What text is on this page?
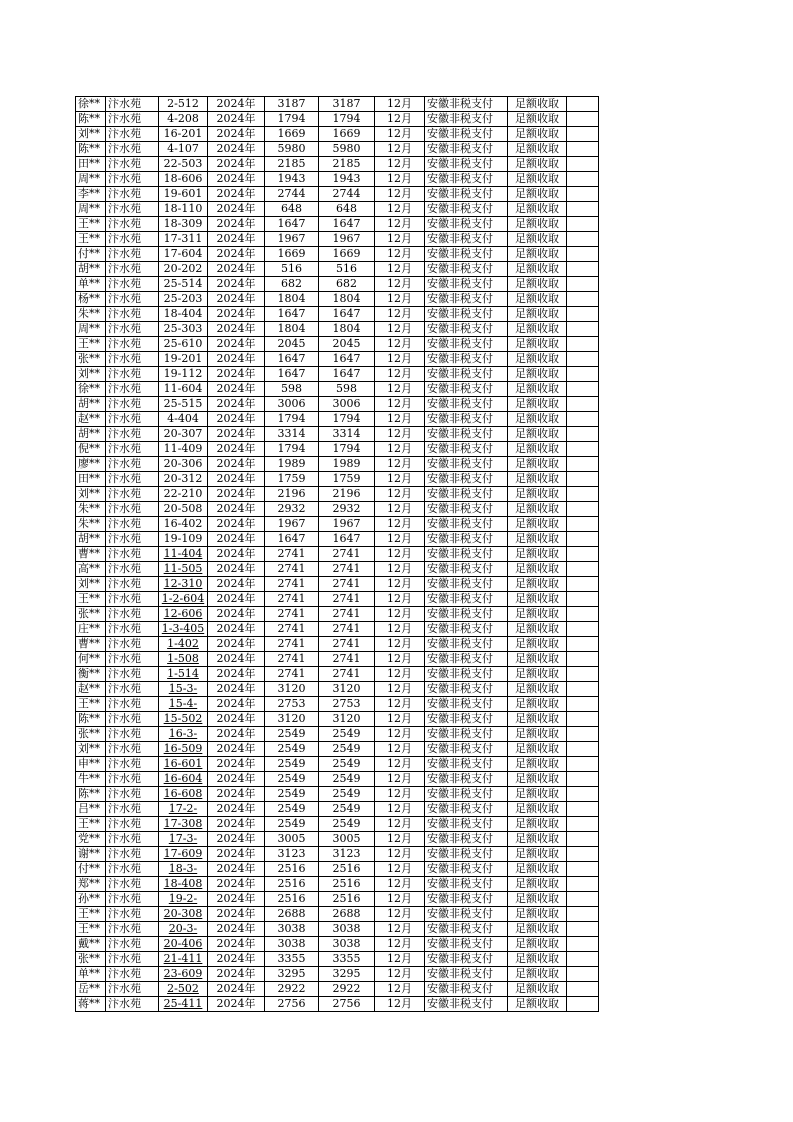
徐**	汴水苑	2-512	2024年	3187	3187	12月	安徽非税支付	足额收取	
陈**	汴水苑	4-208	2024年	1794	1794	12月	安徽非税支付	足额收取	
刘**	汴水苑	16-201	2024年	1669	1669	12月	安徽非税支付	足额收取	
陈**	汴水苑	4-107	2024年	5980	5980	12月	安徽非税支付	足额收取	
田**	汴水苑	22-503	2024年	2185	2185	12月	安徽非税支付	足额收取	
周**	汴水苑	18-606	2024年	1943	1943	12月	安徽非税支付	足额收取	
李**	汴水苑	19-601	2024年	2744	2744	12月	安徽非税支付	足额收取	
周**	汴水苑	18-110	2024年	648	648	12月	安徽非税支付	足额收取	
王**	汴水苑	18-309	2024年	1647	1647	12月	安徽非税支付	足额收取	
王**	汴水苑	17-311	2024年	1967	1967	12月	安徽非税支付	足额收取	
付**	汴水苑	17-604	2024年	1669	1669	12月	安徽非税支付	足额收取	
胡**	汴水苑	20-202	2024年	516	516	12月	安徽非税支付	足额收取	
单**	汴水苑	25-514	2024年	682	682	12月	安徽非税支付	足额收取	
杨**	汴水苑	25-203	2024年	1804	1804	12月	安徽非税支付	足额收取	
朱**	汴水苑	18-404	2024年	1647	1647	12月	安徽非税支付	足额收取	
周**	汴水苑	25-303	2024年	1804	1804	12月	安徽非税支付	足额收取	
王**	汴水苑	25-610	2024年	2045	2045	12月	安徽非税支付	足额收取	
张**	汴水苑	19-201	2024年	1647	1647	12月	安徽非税支付	足额收取	
刘**	汴水苑	19-112	2024年	1647	1647	12月	安徽非税支付	足额收取	
徐**	汴水苑	11-604	2024年	598	598	12月	安徽非税支付	足额收取	
胡**	汴水苑	25-515	2024年	3006	3006	12月	安徽非税支付	足额收取	
赵**	汴水苑	4-404	2024年	1794	1794	12月	安徽非税支付	足额收取	
胡**	汴水苑	20-307	2024年	3314	3314	12月	安徽非税支付	足额收取	
倪**	汴水苑	11-409	2024年	1794	1794	12月	安徽非税支付	足额收取	
廖**	汴水苑	20-306	2024年	1989	1989	12月	安徽非税支付	足额收取	
田**	汴水苑	20-312	2024年	1759	1759	12月	安徽非税支付	足额收取	
刘**	汴水苑	22-210	2024年	2196	2196	12月	安徽非税支付	足额收取	
朱**	汴水苑	20-508	2024年	2932	2932	12月	安徽非税支付	足额收取	
朱**	汴水苑	16-402	2024年	1967	1967	12月	安徽非税支付	足额收取	
胡**	汴水苑	19-109	2024年	1647	1647	12月	安徽非税支付	足额收取	
曹**	汴水苑	11-404	2024年	2741	2741	12月	安徽非税支付	足额收取	
高**	汴水苑	11-505	2024年	2741	2741	12月	安徽非税支付	足额收取	
刘**	汴水苑	12-310	2024年	2741	2741	12月	安徽非税支付	足额收取	
王**	汴水苑	1-2-604	2024年	2741	2741	12月	安徽非税支付	足额收取	
张**	汴水苑	12-606	2024年	2741	2741	12月	安徽非税支付	足额收取	
庄**	汴水苑	1-3-405	2024年	2741	2741	12月	安徽非税支付	足额收取	
曹**	汴水苑	1-402	2024年	2741	2741	12月	安徽非税支付	足额收取	
何**	汴水苑	1-508	2024年	2741	2741	12月	安徽非税支付	足额收取	
衡**	汴水苑	1-514	2024年	2741	2741	12月	安徽非税支付	足额收取	
赵**	汴水苑	15-3-	2024年	3120	3120	12月	安徽非税支付	足额收取	
王**	汴水苑	15-4-	2024年	2753	2753	12月	安徽非税支付	足额收取	
陈**	汴水苑	15-502	2024年	3120	3120	12月	安徽非税支付	足额收取	
张**	汴水苑	16-3-	2024年	2549	2549	12月	安徽非税支付	足额收取	
刘**	汴水苑	16-509	2024年	2549	2549	12月	安徽非税支付	足额收取	
申**	汴水苑	16-601	2024年	2549	2549	12月	安徽非税支付	足额收取	
牛**	汴水苑	16-604	2024年	2549	2549	12月	安徽非税支付	足额收取	
陈**	汴水苑	16-608	2024年	2549	2549	12月	安徽非税支付	足额收取	
吕**	汴水苑	17-2-	2024年	2549	2549	12月	安徽非税支付	足额收取	
王**	汴水苑	17-308	2024年	2549	2549	12月	安徽非税支付	足额收取	
党**	汴水苑	17-3-	2024年	3005	3005	12月	安徽非税支付	足额收取	
谢**	汴水苑	17-609	2024年	3123	3123	12月	安徽非税支付	足额收取	
付**	汴水苑	18-3-	2024年	2516	2516	12月	安徽非税支付	足额收取	
郑**	汴水苑	18-408	2024年	2516	2516	12月	安徽非税支付	足额收取	
孙**	汴水苑	19-2-	2024年	2516	2516	12月	安徽非税支付	足额收取	
王**	汴水苑	20-308	2024年	2688	2688	12月	安徽非税支付	足额收取	
王**	汴水苑	20-3-	2024年	3038	3038	12月	安徽非税支付	足额收取	
戴**	汴水苑	20-406	2024年	3038	3038	12月	安徽非税支付	足额收取	
张**	汴水苑	21-411	2024年	3355	3355	12月	安徽非税支付	足额收取	
单**	汴水苑	23-609	2024年	3295	3295	12月	安徽非税支付	足额收取	
岳**	汴水苑	2-502	2024年	2922	2922	12月	安徽非税支付	足额收取	
蒋**	汴水苑	25-411	2024年	2756	2756	12月	安徽非税支付	足额收取	
